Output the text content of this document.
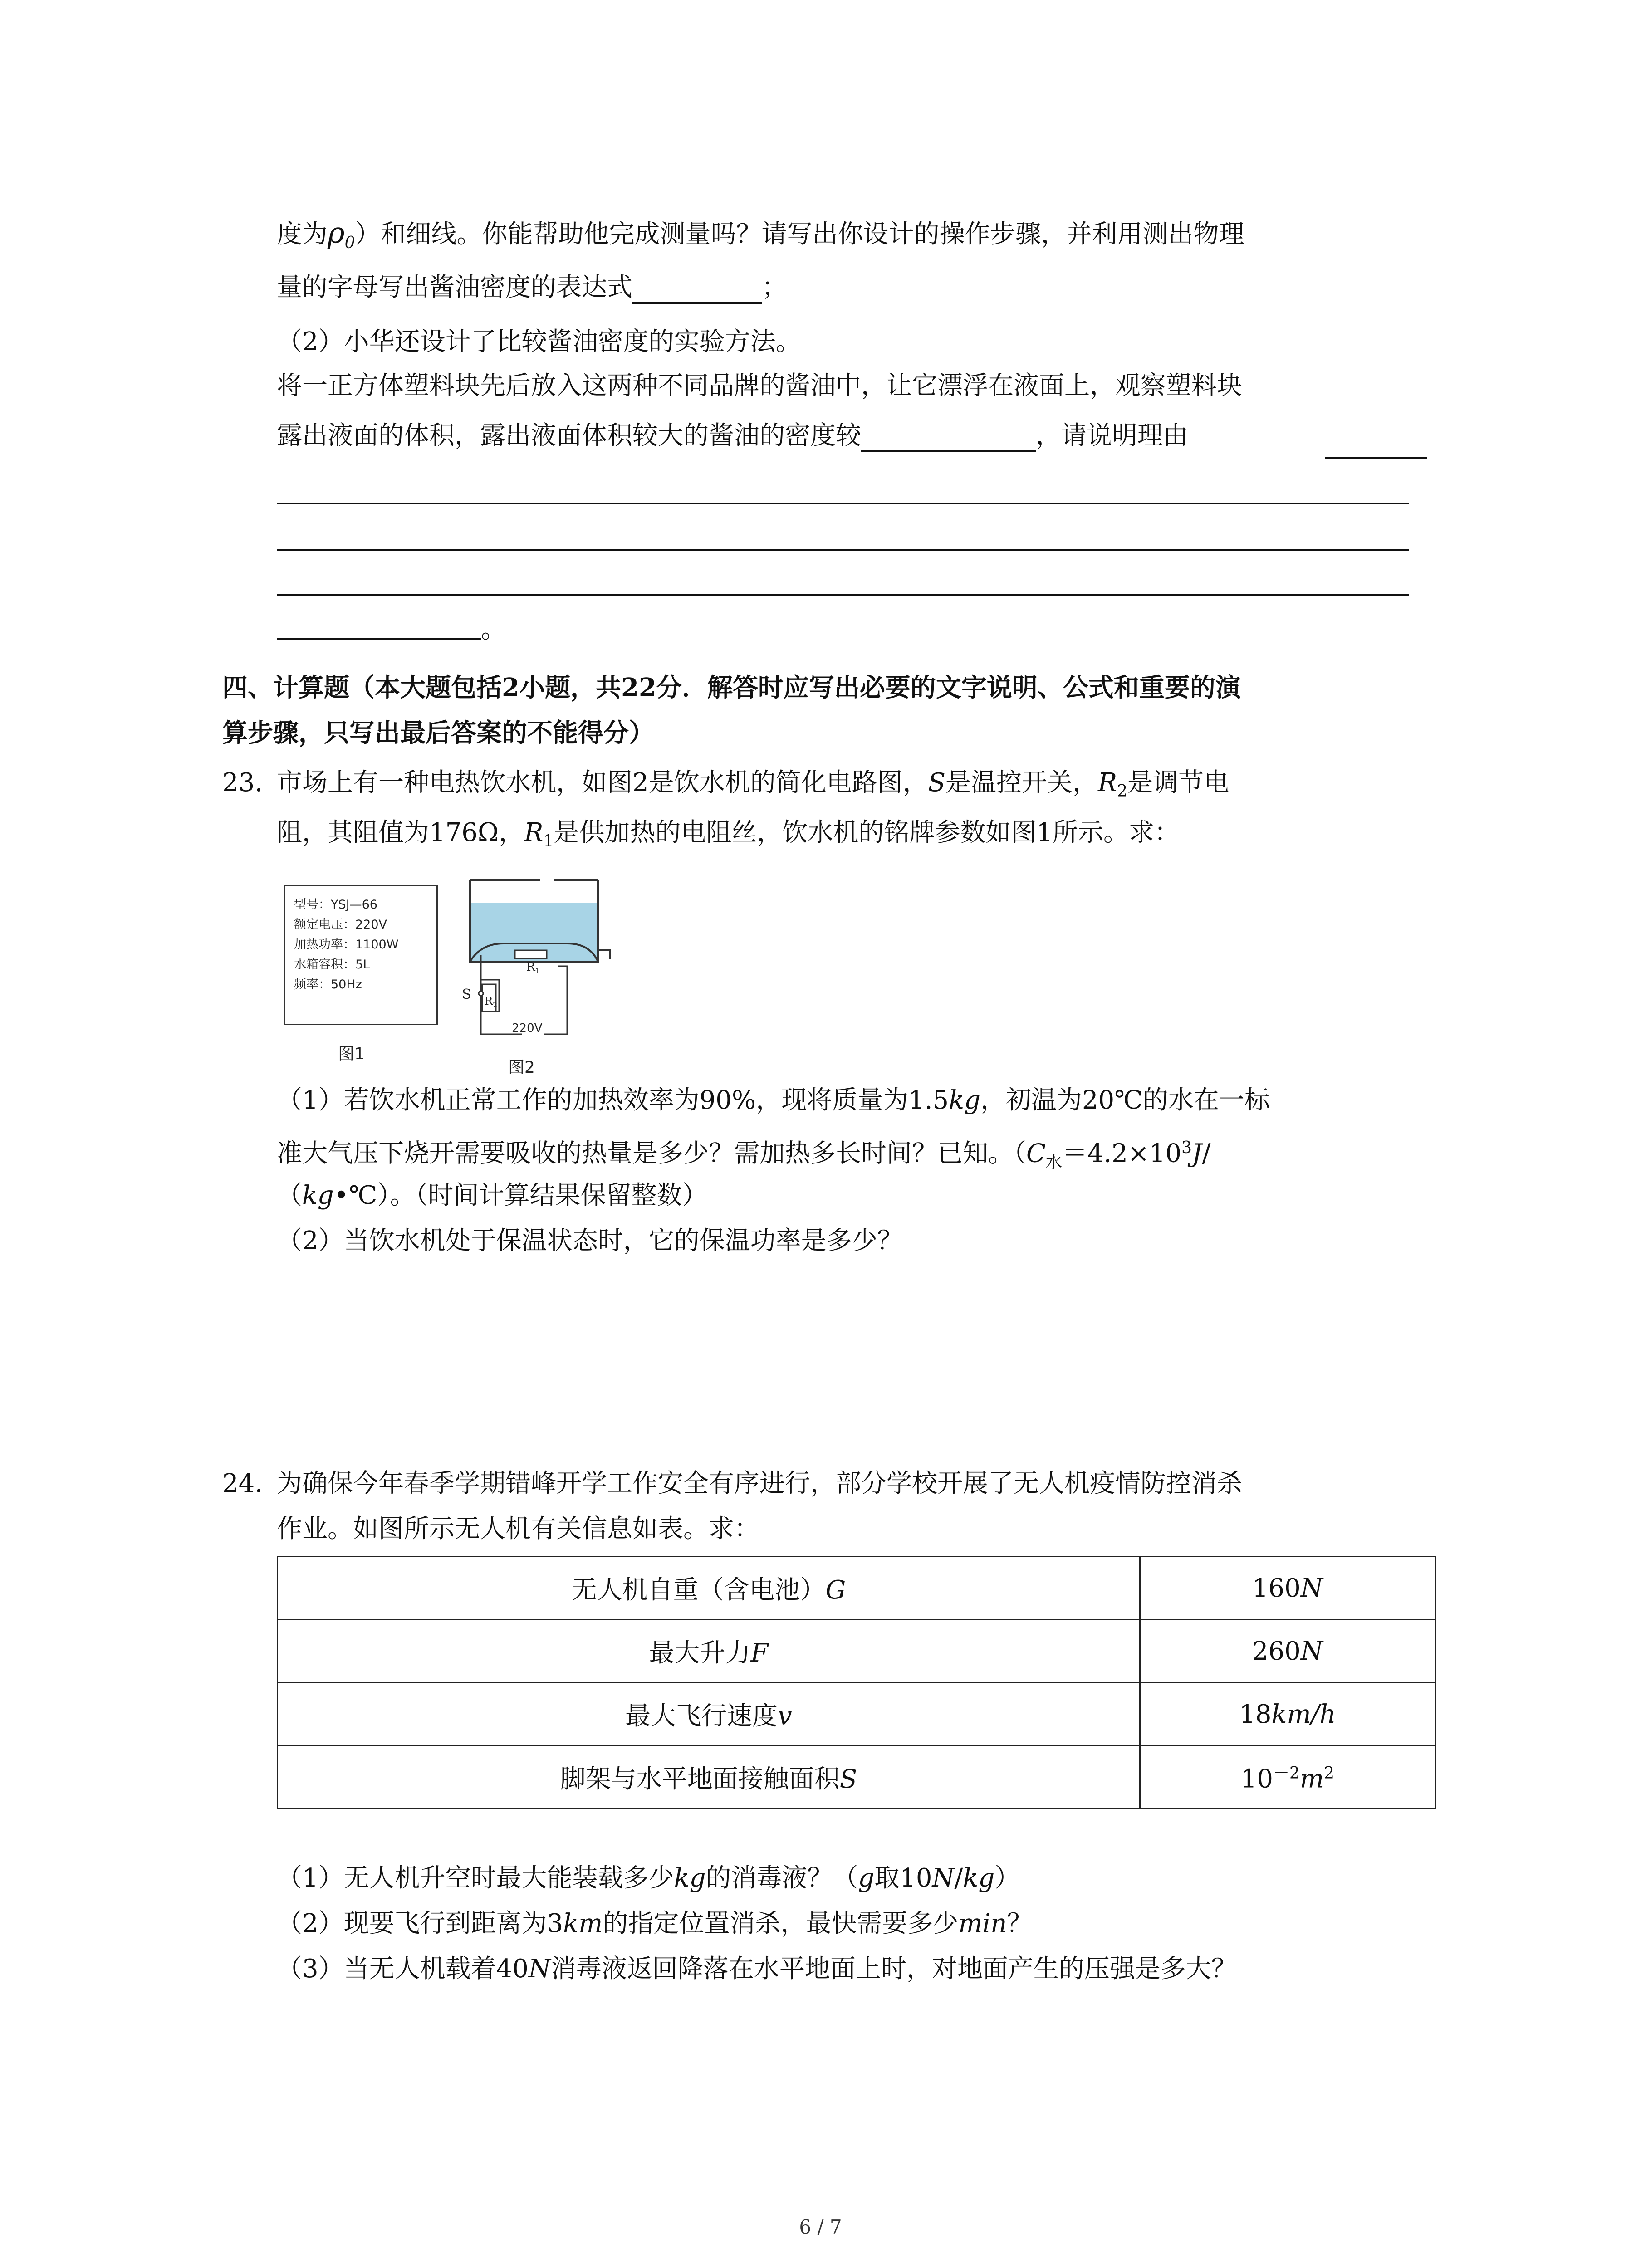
度为$\rho_0$）和细线。你能帮助他完成测量吗？请写出你设计的操作步骤，并利用测出物理
量的字母写出酱油密度的表达式	；
（2）小华还设计了比较酱油密度的实验方法。
将一正方体塑料块先后放入这两种不同品牌的酱油中，让它漂浮在液面上，观察塑料块
露出液面的体积，露出液面体积较大的酱油的密度较	，请说明理由
。
四、计算题（本大题包括2小题，共22分．解答时应写出必要的文字说明、公式和重要的演
算步骤，只写出最后答案的不能得分）
23. 市场上有一种电热饮水机，如图2是饮水机的简化电路图，S是温控开关，$R_2$是调节电
阻，其阻值为176Ω，$R_1$是供加热的电阻丝，饮水机的铭牌参数如图1所示。求：
型号：YSJ—66
额定电压：220V
加热功率：1100W
水箱容积：5L
频率：50Hz
图1
S $R_2$
$R_1$
220V
图2
（1）若饮水机正常工作的加热效率为90%，现将质量为1.5kg，初温为20℃的水在一标
准大气压下烧开需要吸收的热量是多少？需加热多长时间？已知。（$C_水=4.2\times 10^3J/$
（kg•℃）。（时间计算结果保留整数）
（2）当饮水机处于保温状态时，它的保温功率是多少？
24. 为确保今年春季学期错峰开学工作安全有序进行，部分学校开展了无人机疫情防控消杀
作业。如图所示无人机有关信息如表。求：
无人机自重（含电池）G	160N
最大升力F	260N
最大飞行速度v	18km/h
脚架与水平地面接触面积S	$10^{-2}m^2$
（1）无人机升空时最大能装载多少kg的消毒液？（g取10N/kg）
（2）现要飞行到距离为3km的指定位置消杀，最快需要多少min？
（3）当无人机载着40N消毒液返回降落在水平地面上时，对地面产生的压强是多大？
6 / 7
